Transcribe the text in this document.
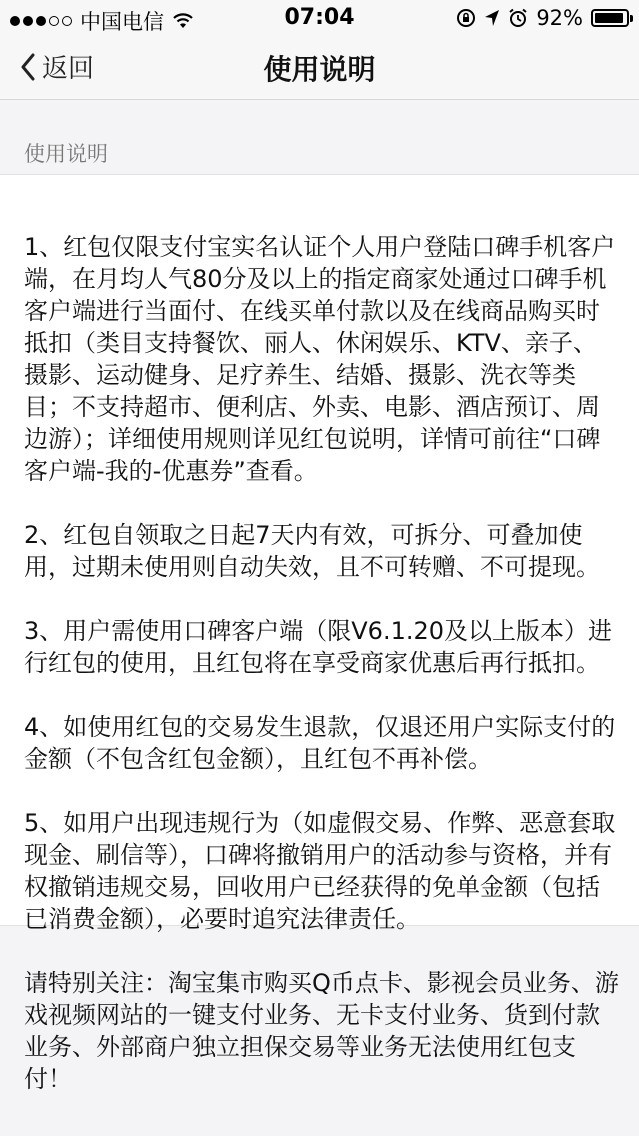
中国电信	07:04	92%
返回	使用说明
使用说明

1、红包仅限支付宝实名认证个人用户登陆口碑手机客户端，在月均人气80分及以上的指定商家处通过口碑手机客户端进行当面付、在线买单付款以及在线商品购买时抵扣（类目支持餐饮、丽人、休闲娱乐、KTV、亲子、摄影、运动健身、足疗养生、结婚、摄影、洗衣等类目；不支持超市、便利店、外卖、电影、酒店预订、周边游）；详细使用规则详见红包说明，详情可前往“口碑客户端-我的-优惠券”查看。

2、红包自领取之日起7天内有效，可拆分、可叠加使用，过期未使用则自动失效，且不可转赠、不可提现。

3、用户需使用口碑客户端（限V6.1.20及以上版本）进行红包的使用，且红包将在享受商家优惠后再行抵扣。

4、如使用红包的交易发生退款，仅退还用户实际支付的金额（不包含红包金额），且红包不再补偿。

5、如用户出现违规行为（如虚假交易、作弊、恶意套取现金、刷信等），口碑将撤销用户的活动参与资格，并有权撤销违规交易，回收用户已经获得的免单金额（包括已消费金额），必要时追究法律责任。

请特别关注：淘宝集市购买Q币点卡、影视会员业务、游戏视频网站的一键支付业务、无卡支付业务、货到付款业务、外部商户独立担保交易等业务无法使用红包支付！
